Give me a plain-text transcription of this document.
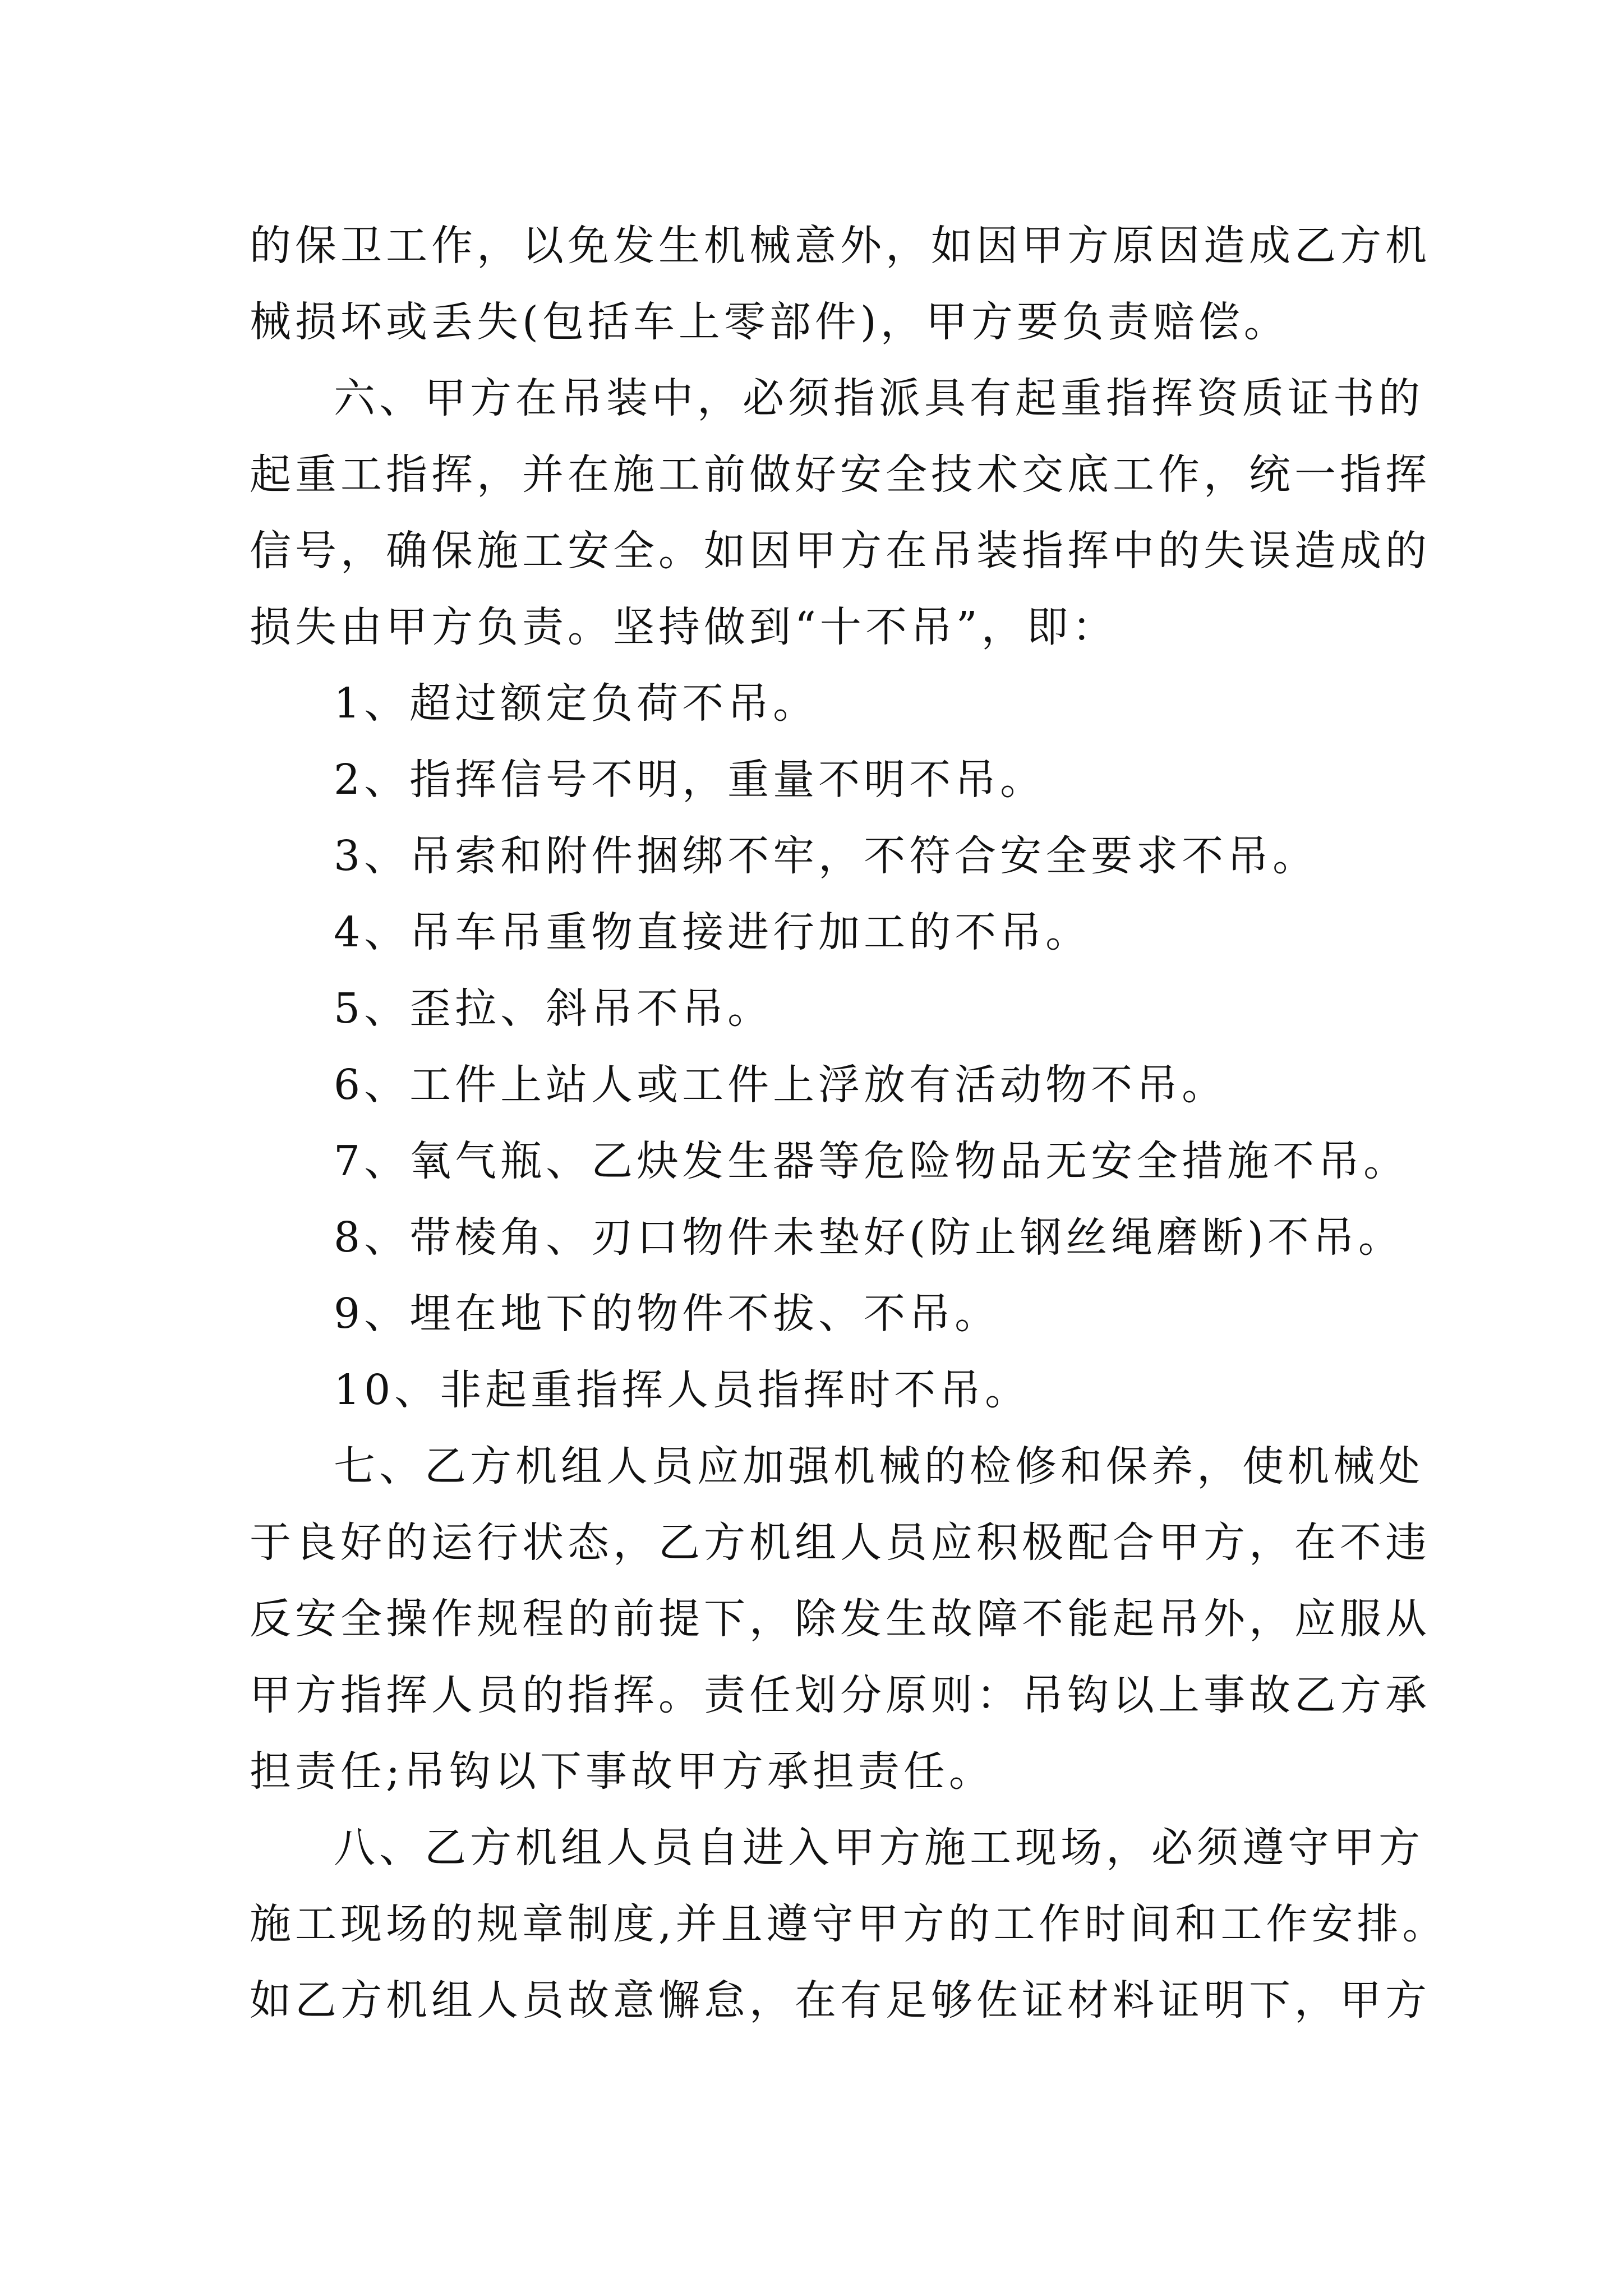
的保卫工作，以免发生机械意外，如因甲方原因造成乙方机
械损坏或丢失(包括车上零部件)，甲方要负责赔偿。
六、甲方在吊装中，必须指派具有起重指挥资质证书的
起重工指挥，并在施工前做好安全技术交底工作，统一指挥
信号，确保施工安全。如因甲方在吊装指挥中的失误造成的
损失由甲方负责。坚持做到“十不吊”，即：
1、超过额定负荷不吊。
2、指挥信号不明，重量不明不吊。
3、吊索和附件捆绑不牢，不符合安全要求不吊。
4、吊车吊重物直接进行加工的不吊。
5、歪拉、斜吊不吊。
6、工件上站人或工件上浮放有活动物不吊。
7、氧气瓶、乙炔发生器等危险物品无安全措施不吊。
8、带棱角、刃口物件未垫好(防止钢丝绳磨断)不吊。
9、埋在地下的物件不拔、不吊。
10、非起重指挥人员指挥时不吊。
七、乙方机组人员应加强机械的检修和保养，使机械处
于良好的运行状态，乙方机组人员应积极配合甲方，在不违
反安全操作规程的前提下，除发生故障不能起吊外，应服从
甲方指挥人员的指挥。责任划分原则：吊钩以上事故乙方承
担责任;吊钩以下事故甲方承担责任。
八、乙方机组人员自进入甲方施工现场，必须遵守甲方
施工现场的规章制度,并且遵守甲方的工作时间和工作安排。
如乙方机组人员故意懈怠，在有足够佐证材料证明下，甲方
